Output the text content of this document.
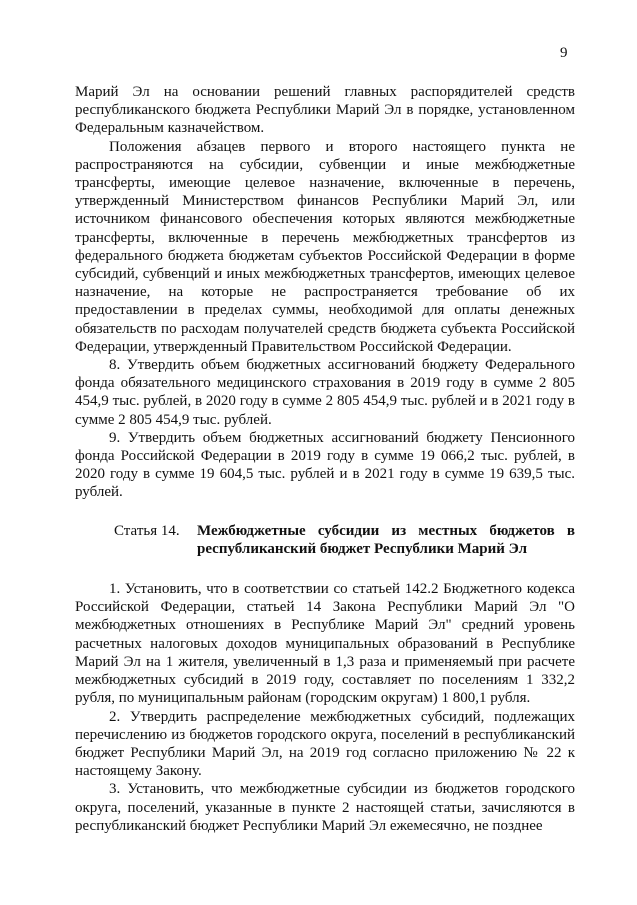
9

Марий Эл на основании решений главных распорядителей средств республиканского бюджета Республики Марий Эл в порядке, установленном Федеральным казначейством.

Положения абзацев первого и второго настоящего пункта не распространяются на субсидии, субвенции и иные межбюджетные трансферты, имеющие целевое назначение, включенные в перечень, утвержденный Министерством финансов Республики Марий Эл, или источником финансового обеспечения которых являются межбюджетные трансферты, включенные в перечень межбюджетных трансфертов из федерального бюджета бюджетам субъектов Российской Федерации в форме субсидий, субвенций и иных межбюджетных трансфертов, имеющих целевое назначение, на которые не распространяется требование об их предоставлении в пределах суммы, необходимой для оплаты денежных обязательств по расходам получателей средств бюджета субъекта Российской Федерации, утвержденный Правительством Российской Федерации.

8. Утвердить объем бюджетных ассигнований бюджету Федерального фонда обязательного медицинского страхования в 2019 году в сумме 2 805 454,9 тыс. рублей, в 2020 году в сумме 2 805 454,9 тыс. рублей и в 2021 году в сумме 2 805 454,9 тыс. рублей.

9. Утвердить объем бюджетных ассигнований бюджету Пенсионного фонда Российской Федерации в 2019 году в сумме 19 066,2 тыс. рублей, в 2020 году в сумме 19 604,5 тыс. рублей и в 2021 году в сумме 19 639,5 тыс. рублей.

Статья 14.	Межбюджетные субсидии из местных бюджетов в республиканский бюджет Республики Марий Эл

1. Установить, что в соответствии со статьей 142.2 Бюджетного кодекса Российской Федерации, статьей 14 Закона Республики Марий Эл "О межбюджетных отношениях в Республике Марий Эл" средний уровень расчетных налоговых доходов муниципальных образований в Республике Марий Эл на 1 жителя, увеличенный в 1,3 раза и применяемый при расчете межбюджетных субсидий в 2019 году, составляет по поселениям 1 332,2 рубля, по муниципальным районам (городским округам) 1 800,1 рубля.

2. Утвердить распределение межбюджетных субсидий, подлежащих перечислению из бюджетов городского округа, поселений в республиканский бюджет Республики Марий Эл, на 2019 год согласно приложению № 22 к настоящему Закону.

3. Установить, что межбюджетные субсидии из бюджетов городского округа, поселений, указанные в пункте 2 настоящей статьи, зачисляются в республиканский бюджет Республики Марий Эл ежемесячно, не позднее
